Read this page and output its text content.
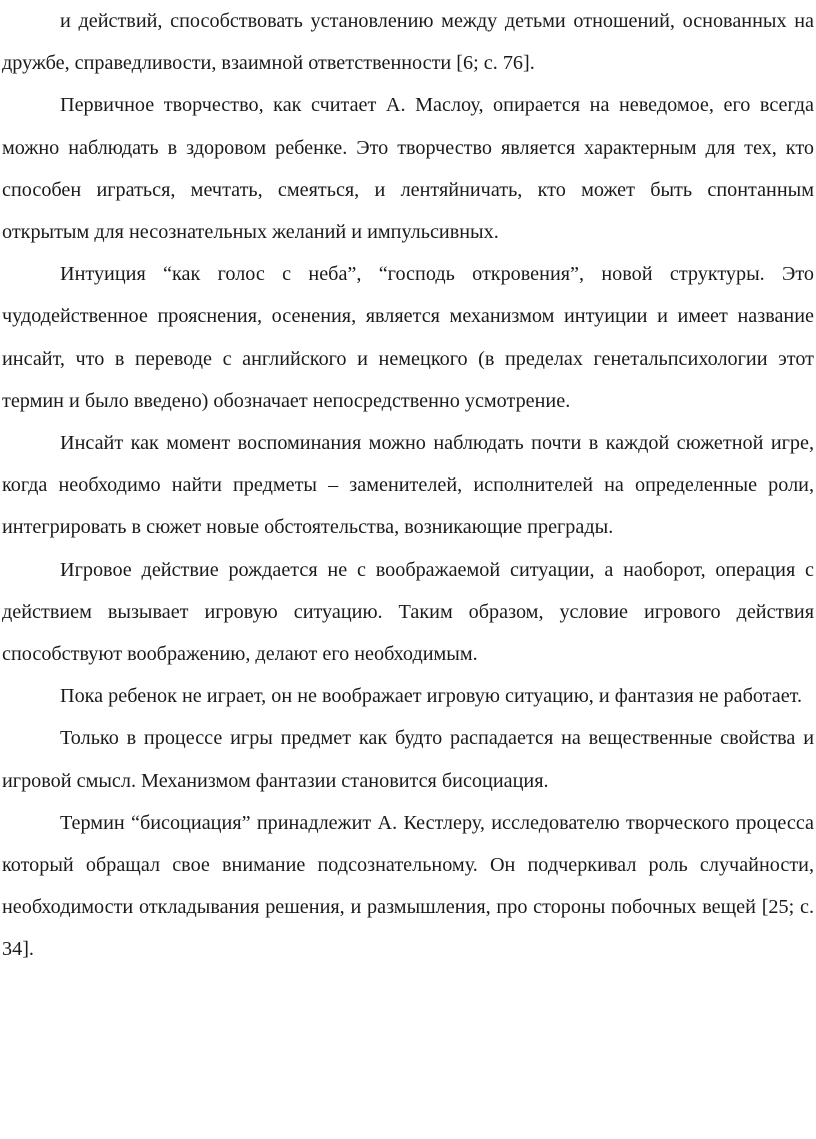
и действий, способствовать установлению между детьми отношений, основанных на дружбе, справедливости, взаимной ответственности [6; с. 76].

Первичное творчество, как считает А. Маслоу, опирается на неведомое, его всегда можно наблюдать в здоровом ребенке. Это творчество является характерным для тех, кто способен играться, мечтать, смеяться, и лентяйничать, кто может быть спонтанным открытым для несознательных желаний и импульсивных.

Интуиция “как голос с неба”, “господь откровения”, новой структуры. Это чудодейственное прояснения, осенения, является механизмом интуиции и имеет название инсайт, что в переводе с английского и немецкого (в пределах генетальпсихологии этот термин и было введено) обозначает непосредственно усмотрение.

Инсайт как момент воспоминания можно наблюдать почти в каждой сюжетной игре, когда необходимо найти предметы – заменителей, исполнителей на определенные роли, интегрировать в сюжет новые обстоятельства, возникающие преграды.

Игровое действие рождается не с воображаемой ситуации, а наоборот, операция с действием вызывает игровую ситуацию. Таким образом, условие игрового действия способствуют воображению, делают его необходимым.

Пока ребенок не играет, он не воображает игровую ситуацию, и фантазия не работает.

Только в процессе игры предмет как будто распадается на вещественные свойства и игровой смысл. Механизмом фантазии становится бисоциация.

Термин “бисоциация” принадлежит А. Кестлеру, исследователю творческого процесса который обращал свое внимание подсознательному. Он подчеркивал роль случайности, необходимости откладывания решения, и размышления, про стороны побочных вещей [25; с. 34].
